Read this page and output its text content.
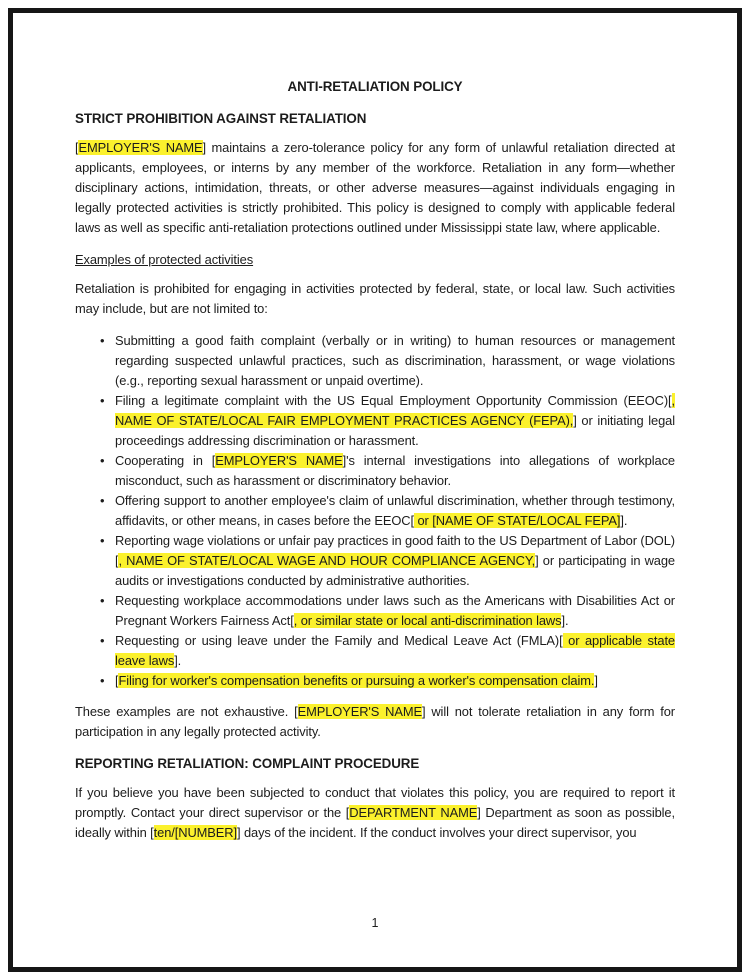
ANTI-RETALIATION POLICY
STRICT PROHIBITION AGAINST RETALIATION

[EMPLOYER'S NAME] maintains a zero-tolerance policy for any form of unlawful retaliation directed at applicants, employees, or interns by any member of the workforce. Retaliation in any form—whether disciplinary actions, intimidation, threats, or other adverse measures—against individuals engaging in legally protected activities is strictly prohibited. This policy is designed to comply with applicable federal laws as well as specific anti-retaliation protections outlined under Mississippi state law, where applicable.

Examples of protected activities

Retaliation is prohibited for engaging in activities protected by federal, state, or local law. Such activities may include, but are not limited to:

• Submitting a good faith complaint (verbally or in writing) to human resources or management regarding suspected unlawful practices, such as discrimination, harassment, or wage violations (e.g., reporting sexual harassment or unpaid overtime).
• Filing a legitimate complaint with the US Equal Employment Opportunity Commission (EEOC)[, NAME OF STATE/LOCAL FAIR EMPLOYMENT PRACTICES AGENCY (FEPA),] or initiating legal proceedings addressing discrimination or harassment.
• Cooperating in [EMPLOYER'S NAME]'s internal investigations into allegations of workplace misconduct, such as harassment or discriminatory behavior.
• Offering support to another employee's claim of unlawful discrimination, whether through testimony, affidavits, or other means, in cases before the EEOC[ or [NAME OF STATE/LOCAL FEPA]].
• Reporting wage violations or unfair pay practices in good faith to the US Department of Labor (DOL)[, NAME OF STATE/LOCAL WAGE AND HOUR COMPLIANCE AGENCY,] or participating in wage audits or investigations conducted by administrative authorities.
• Requesting workplace accommodations under laws such as the Americans with Disabilities Act or Pregnant Workers Fairness Act[, or similar state or local anti-discrimination laws].
• Requesting or using leave under the Family and Medical Leave Act (FMLA)[ or applicable state leave laws].
• [Filing for worker's compensation benefits or pursuing a worker's compensation claim.]

These examples are not exhaustive. [EMPLOYER'S NAME] will not tolerate retaliation in any form for participation in any legally protected activity.

REPORTING RETALIATION: COMPLAINT PROCEDURE

If you believe you have been subjected to conduct that violates this policy, you are required to report it promptly. Contact your direct supervisor or the [DEPARTMENT NAME] Department as soon as possible, ideally within [ten/[NUMBER]] days of the incident. If the conduct involves your direct supervisor, you

1
